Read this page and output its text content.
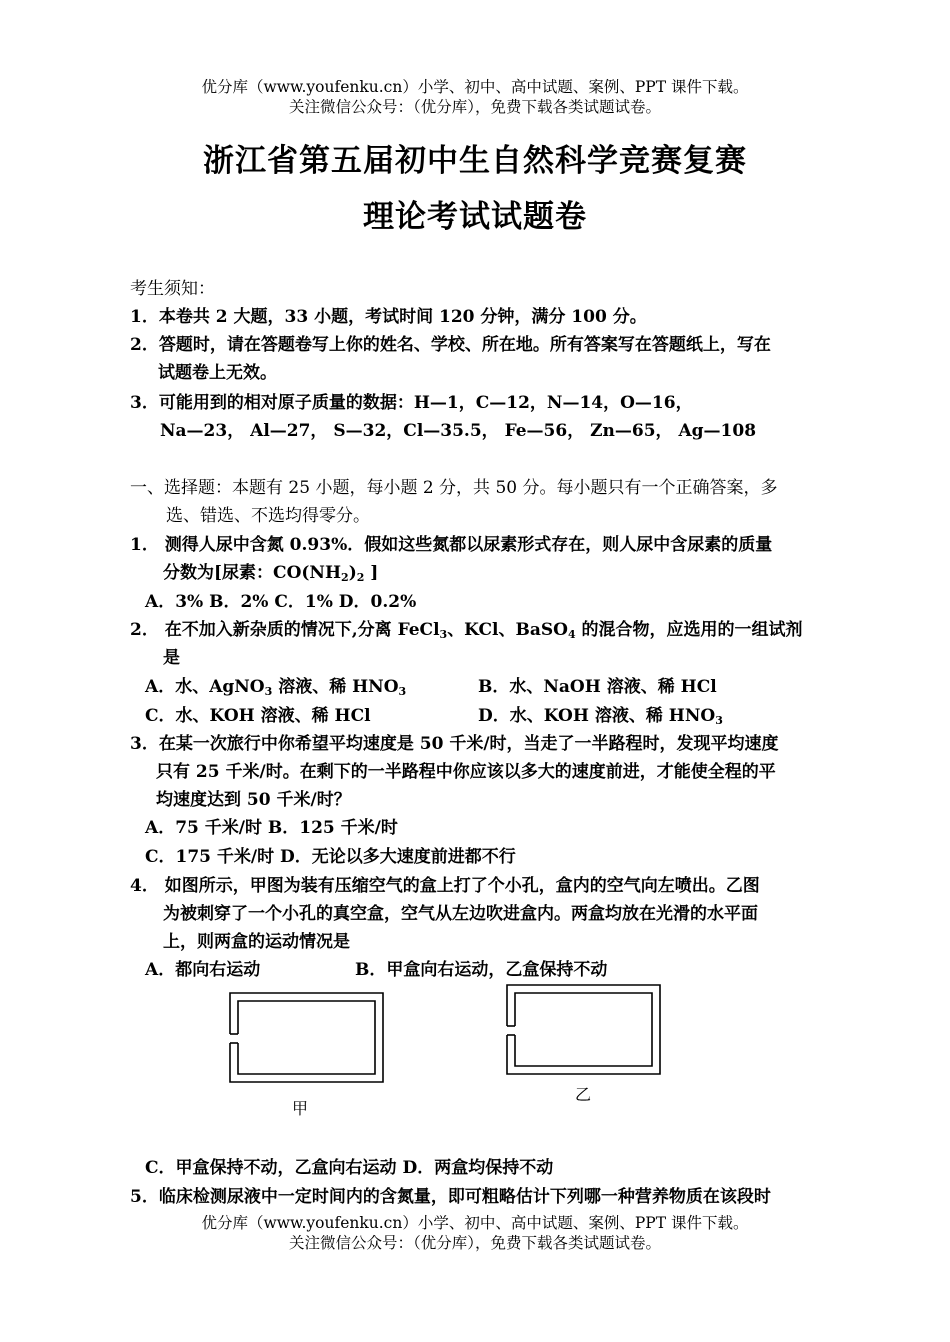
优分库（www.youfenku.cn）小学、初中、高中试题、案例、PPT 课件下载。
关注微信公众号：（优分库），免费下载各类试题试卷。
浙江省第五届初中生自然科学竞赛复赛
理论考试试题卷
考生须知：
1．本卷共 2 大题，33 小题，考试时间 120 分钟，满分 100 分。
2．答题时，请在答题卷写上你的姓名、学校、所在地。所有答案写在答题纸上，写在
试题卷上无效。
3．可能用到的相对原子质量的数据：H—1，C—12，N—14，O—16，
Na—23， Al—27， S—32，Cl—35.5， Fe—56， Zn—65， Ag—108
一、选择题：本题有 25 小题，每小题 2 分，共 50 分。每小题只有一个正确答案，多
选、错选、不选均得零分。
1． 测得人尿中含氮 0.93%．假如这些氮都以尿素形式存在，则人尿中含尿素的质量
分数为[尿素：$CO(NH_2)_2$ ]
A．3% B．2% C．1% D．0.2%
2． 在不加入新杂质的情况下,分离 FeCl$_3$、KCl、BaSO$_4$ 的混合物，应选用的一组试剂
是
A．水、AgNO$_3$ 溶液、稀 $HNO_3$	B．水、NaOH 溶液、稀 HCl
C．水、KOH 溶液、稀 HCl	D．水、KOH 溶液、稀 $HNO_3$
3．在某一次旅行中你希望平均速度是 50 千米/时，当走了一半路程时，发现平均速度
只有 25 千米/时。在剩下的一半路程中你应该以多大的速度前进，才能使全程的平
均速度达到 50 千米/时？
A．75 千米/时 B．125 千米/时
C．175 千米/时 D．无论以多大速度前进都不行
4． 如图所示，甲图为装有压缩空气的盒上打了个小孔，盒内的空气向左喷出。乙图
为被刺穿了一个小孔的真空盒，空气从左边吹进盒内。两盒均放在光滑的水平面
上，则两盒的运动情况是
A．都向右运动	B．甲盒向右运动，乙盒保持不动
甲
乙
C．甲盒保持不动，乙盒向右运动 D．两盒均保持不动
5．临床检测尿液中一定时间内的含氮量，即可粗略估计下列哪一种营养物质在该段时
优分库（www.youfenku.cn）小学、初中、高中试题、案例、PPT 课件下载。
关注微信公众号：（优分库），免费下载各类试题试卷。
